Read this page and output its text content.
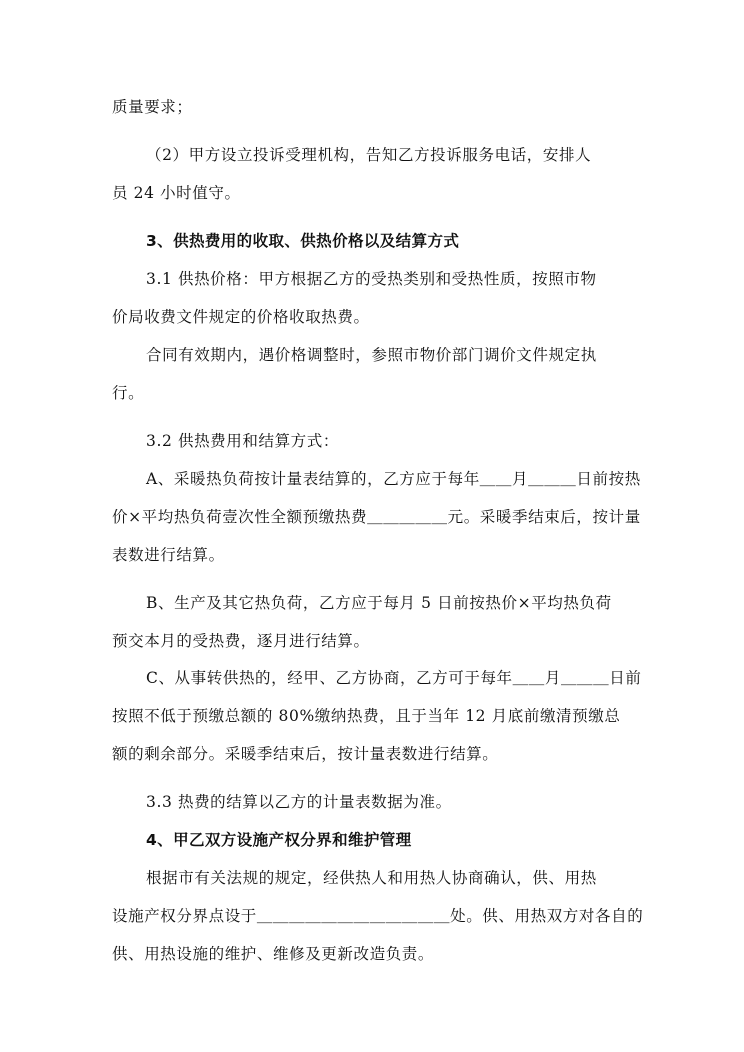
质量要求；
（2）甲方设立投诉受理机构，告知乙方投诉服务电话，安排人
员 24 小时值守。
3、供热费用的收取、供热价格以及结算方式
3.1 供热价格：甲方根据乙方的受热类别和受热性质，按照市物
价局收费文件规定的价格收取热费。
合同有效期内，遇价格调整时，参照市物价部门调价文件规定执
行。
3.2 供热费用和结算方式：
A、采暖热负荷按计量表结算的，乙方应于每年＿＿月＿＿＿日前按热
价×平均热负荷壹次性全额预缴热费＿＿＿＿＿元。采暖季结束后，按计量
表数进行结算。
B、生产及其它热负荷，乙方应于每月 5 日前按热价×平均热负荷
预交本月的受热费，逐月进行结算。
C、从事转供热的，经甲、乙方协商，乙方可于每年＿＿月＿＿＿日前
按照不低于预缴总额的 80%缴纳热费，且于当年 12 月底前缴清预缴总
额的剩余部分。采暖季结束后，按计量表数进行结算。
3.3 热费的结算以乙方的计量表数据为准。
4、甲乙双方设施产权分界和维护管理
根据市有关法规的规定，经供热人和用热人协商确认，供、用热
设施产权分界点设于＿＿＿＿＿＿＿＿＿＿＿＿处。供、用热双方对各自的
供、用热设施的维护、维修及更新改造负责。
